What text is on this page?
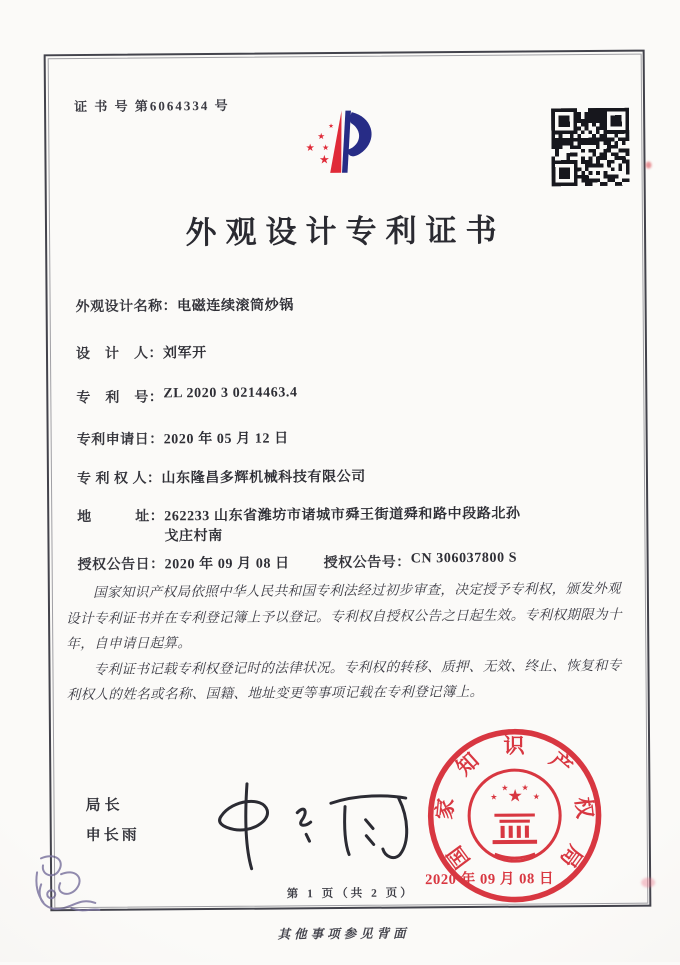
证 书 号 第6064334 号
★
★
★ ★
★
外观设计专利证书
外观设计名称： 电磁连续滚筒炒锅
设　计　人： 刘军开
专　利　号： ZL 2020 3 0214463.4
专利申请日： 2020 年 05 月 12 日
专 利 权 人： 山东隆昌多辉机械科技有限公司
地　　　址： 262233 山东省潍坊市诸城市舜王街道舜和路中段路北孙
戈庄村南
授权公告日： 2020 年 09 月 08 日 授权公告号： CN 306037800 S

国家知识产权局依照中华人民共和国专利法经过初步审查，决定授予专利权，颁发外观设计专利证书并在专利登记簿上予以登记。专利权自授权公告之日起生效。专利权期限为十年，自申请日起算。

专利证书记载专利权登记时的法律状况。专利权的转移、质押、无效、终止、恢复和专利权人的姓名或名称、国籍、地址变更等事项记载在专利登记簿上。

局长
申长雨
★
★
★ ★
★
2020 年 09 月 08 日
国
家
知
识
产
权
局
第 1 页（共 2 页）
其他事项参见背面
